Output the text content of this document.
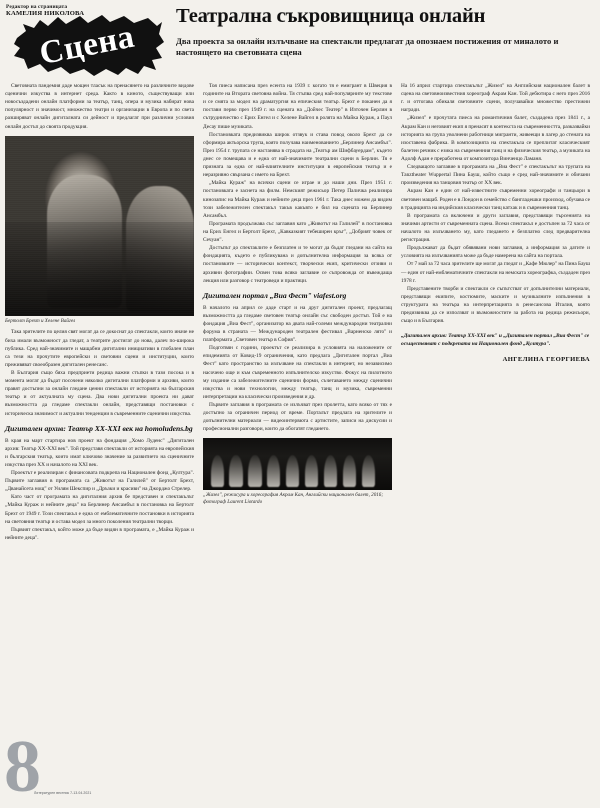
Редактор на страницата
КАМЕЛИЯ НИКОЛОВА
Сцена
Театрална съкровищница онлайн

Два проекта за онлайн излъчване на спектакли предлагат да опознаем постижения от миналото и настоящето на световната сцена

Световната пандемия даде мощен тласък на пренасянето на различните видове сценични изкуства в интернет среда. Както в киното, съществуващи или новосъздадени онлайн платформи за театър, танц, опера и музика набират нова популярност и значимост, множество театри и организации в Европа и по света разширяват онлайн дигиталната си дейност и предлагат при различни условия онлайн достъп до своята продукция.

Бертолт Брехт и Хелене Вайгел

Така зрителите по целия свят могат да се докоснат до спектакли, които иначе не биха имали възможност да гледат, а театрите достигат до нова, далеч по-широка публика. Сред най-значимите и мащабни дигитални инициативи в глобален план са тези на прочутите европейски и световни сцени и институции, които преживяват своеобразен дигитален ренесанс.

В България също бяха предприети редица важни стъпки в тази посока и в момента могат да бъдат посочени няколко дигитални платформи и архиви, които правят достъпни за онлайн гледане ценни спектакли от историята на българския театър и от актуалната му сцена. Два нови дигитални проекта ни дават възможността да гледаме спектакли онлайн, представящи постановки с историческа значимост и актуални тенденции в съвременните сценични изкуства.

Дигитален архив: Театър XX-XXI век на homoludens.bg

В края на март стартира нов проект на фондация „Хомо Луденс" „Дигитален архив: Театър XX-XXI век". Той представя спектакли от историята на европейския и българския театър, които имат ключово значение за развитието на сценичните изкуства през XX и началото на XXI век.

Проектът е реализиран с финансовата подкрепа на Национален фонд „Култура". Първите заглавия в програмата са „Животът на Галилей" от Бертолт Брехт, „Дванайсета нощ" от Уилям Шекспир и „Дръзки и красиви" на Джорджо Стрелер.

Като част от програмата на дигиталния архив бе представен и спектакълът „Майка Кураж и нейните деца" на Берлинер Ансамбъл в постановка на Бертолт Брехт от 1949 г. Този спектакъл е една от емблематичните постановки в историята на световния театър и остава модел за много поколения театрални творци.

Първият спектакъл, който може да бъде видян в програмата, е „Майка Кураж и нейните деца".

Тоя пиеса написана през есента на 1939 г. когато тя е емигрант в Швеция в годините на Втората световна война. Тя стъпва сред най-популярните му текстове и се смята за модел на драматургия на епическия театър. Брехт е поканен да я постави первo през 1949 г. на сцената на „Дойчес Театер" в Източен Берлин в сътрудничество с Ерих Енгел и с Хелене Вайгел в ролята на Майка Кураж, а Паул Десау пише музиката.

Постановката предизвиква широк отзвук и става повод около Брехт да се сформира актьорска трупа, която получава наименованието „Берлинер Ансамбъл". През 1954 г. трупата се настанява в сградата на „Театър ам Шифбауердам", където днес се помещава и е една от най-значимите театрални сцени в Берлин. Тя е призната за една от най-влиятелните институции в европейския театър и е неразривно свързана с името на Брехт.

„Майка Кураж" на всички сцени се играе и до наши дни. През 1951 г. постановката е заснета на филм. Немският режисьор Петер Паличка реализира кинозапис на Майка Кураж и нейните деца през 1961 г. Така днес можем да видим този забележителен спектакъл такъв какъвто е бил на сцената на Берлинер Ансамбъл.

Програмата продължава със заглавия като „Животът на Галилей" в постановка на Ерих Енгел и Бертолт Брехт, „Кавказкият тебеширен кръг", „Добрият човек от Сечуан".

Достъпът до спектаклите е безплатен и те могат да бъдат гледани на сайта на фондацията, където е публикувана и допълнителна информация за всяка от постановките — исторически контекст, творчески екип, критически отзиви и архивни фотографии. Освен това всяко заглавие се съпровожда от въвеждаща лекция или разговор с театроведи и практици.

Дигитален портал „Виа Фест" viafest.org

В началото на април се даде старт и на друг дигитален проект, предлагащ възможността да гледаме световен театър онлайн със свободен достъп. Той е на фондация „Виа Фест", организатор на двата най-големи международни театрални форума в страната — Международен театрален фестивал „Варненско лято" и платформата „Световен театър в София".

Подготвян с години, проектът се реализира в условията на наложените от епидемията от Ковид-19 ограничения, като предлага „Дигитален портал „Виа Фест" като пространство за излъчване на спектакли в интернет, но независимо насочено още и към съвременното изпълнителско изкуство. Фокус на пилотното му издание са забележителните сценични форми, съчетаването между сценични изкуства и нови технологии, между театър, танц и музика, съвременни интерпретации на класически произведения и др.

Първите заглавия в програмата се излъчват през пролетта, като всяко от тях е достъпно за ограничен период от време. Порталът предлага на зрителите и допълнителни материали — видеоинтервюта с артистите, записи на дискусии и професионални разговори, които да обогатят гледането.

„Жизел", режисура и хореография Акрам Кан, Английски национален балет, 2016; фотограф Laurent Liotardo

На 16 април стартира спектакълът „Жизел" на Английския национален балет в сцена на световноизвестния хореограф Акрам Кан. Той дебютира с него през 2016 г. и оттогава обикаля световните сцени, получавайки множество престижни награди.

„Жизел" е прочутата пиеса на романтичния балет, създадена през 1841 г., а Акрам Кан и неговият екип я пренасят в контекста на съвременността, разказвайки историята на група уволнени работници мигранти, живеещи в лагер до стената на изоставена фабрика. В композицията на спектакъла се преплитат класическият балетен речник с езика на съвременния танц и на физическия театър, а музиката на Адолф Адан е преработена от композитора Винченцо Ламаня.

Следващото заглавие в програмата на „Виа Фест" е спектакълът на трупата на Тanztheater Wuppertal Пина Бауш, който също е сред най-значимите и обичани произведения на танцовия театър от XX век.

Акрам Кан е един от най-известните съвременни хореографи и танцьори в световен мащаб. Роден е в Лондон в семейство с бангладешки произход, обучава се в традицията на индийския класически танц катхак и в съвременния танц.

В програмата са включени и други заглавия, представящи търсенията на значими артисти от съвременната сцена. Всеки спектакъл е достъпен за 72 часа от началото на излъчването му, като гледането е безплатно след предварителна регистрация.

Продължават да бъдат обявявани нови заглавия, а информация за датите и условията на излъчванията може да бъде намерена на сайта на портала.

От 7 май за 72 часа зрителите ще могат да гледат и „Кафе Мюлер" на Пина Бауш — един от най-емблематичните спектакли на немската хореографка, създаден през 1978 г.

Представените творби и спектакли се съпътстват от допълнителни материали, представящи екипите, костюмите, маските и музикалните изпълнения в структурата на театъра на интерпретацията в ренесансова Италия, която предизвиква да се използват и възможностите за работа на редица режисьори, също и в България.

„Дигитален архив: Театър XX-XXI век" и „Дигитален портал „Виа Фест" се осъществяват с подкрепата на Национален фонд „Култура".
АНГЕЛИНА ГЕОРГИЕВА
8
Литературен вестник 7-13.04.2021
